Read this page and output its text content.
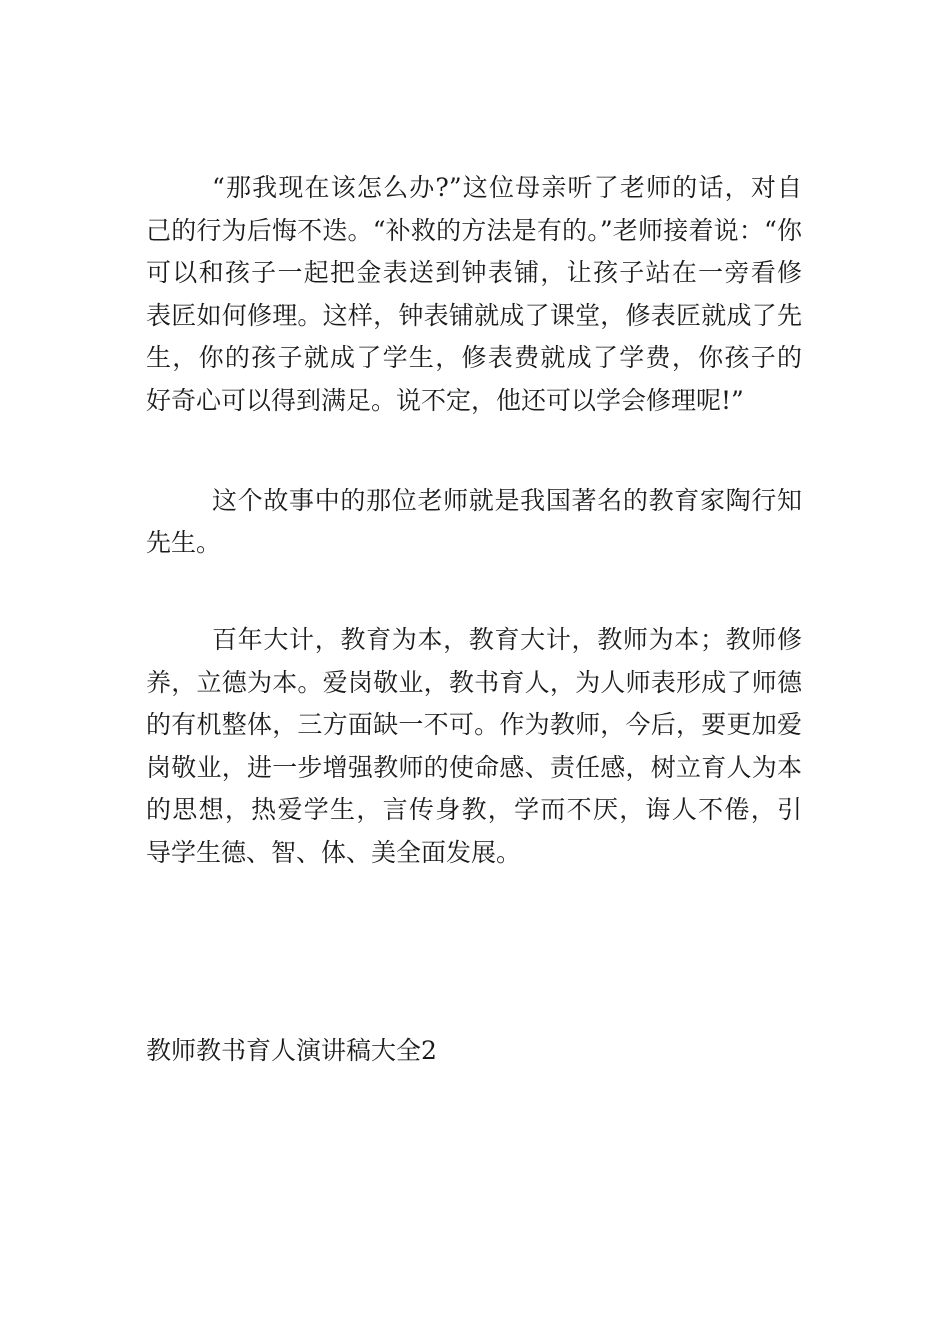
“那我现在该怎么办?”这位母亲听了老师的话，对自
己的行为后悔不迭。“补救的方法是有的。”老师接着说：“你
可以和孩子一起把金表送到钟表铺，让孩子站在一旁看修
表匠如何修理。这样，钟表铺就成了课堂，修表匠就成了先
生，你的孩子就成了学生，修表费就成了学费，你孩子的
好奇心可以得到满足。说不定，他还可以学会修理呢!”
这个故事中的那位老师就是我国著名的教育家陶行知
先生。
百年大计，教育为本，教育大计，教师为本；教师修
养，立德为本。爱岗敬业，教书育人，为人师表形成了师德
的有机整体，三方面缺一不可。作为教师，今后，要更加爱
岗敬业，进一步增强教师的使命感、责任感，树立育人为本
的思想，热爱学生，言传身教，学而不厌，诲人不倦，引
导学生德、智、体、美全面发展。
教师教书育人演讲稿大全2
